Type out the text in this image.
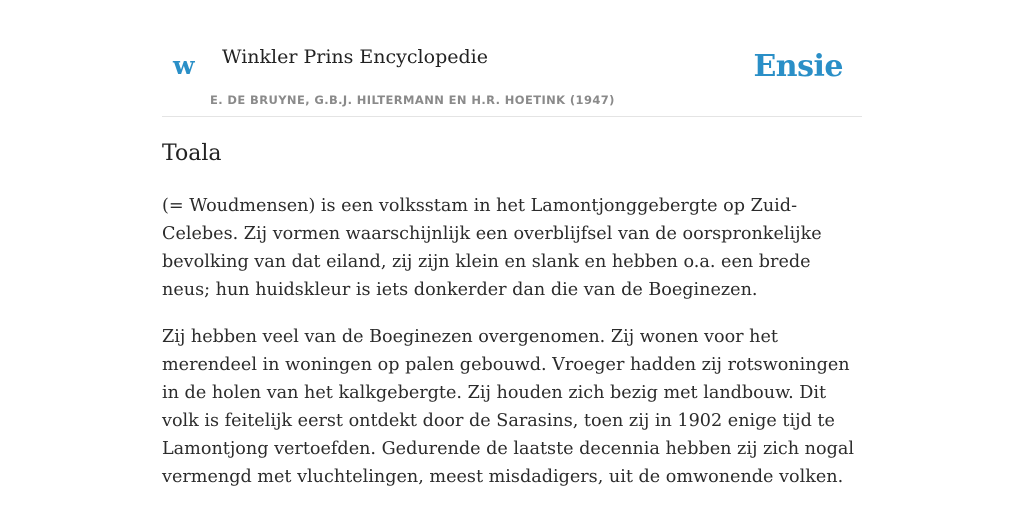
w Winkler Prins Encyclopedie
E. DE BRUYNE, G.B.J. HILTERMANN EN H.R. HOETINK (1947)
Ensie
Toala

(= Woudmensen) is een volksstam in het Lamontjonggebergte op Zuid-Celebes. Zij vormen waarschijnlijk een overblijfsel van de oorspronkelijke bevolking van dat eiland, zij zijn klein en slank en hebben o.a. een brede neus; hun huidskleur is iets donkerder dan die van de Boeginezen.

Zij hebben veel van de Boeginezen overgenomen. Zij wonen voor het merendeel in woningen op palen gebouwd. Vroeger hadden zij rotswoningen in de holen van het kalkgebergte. Zij houden zich bezig met landbouw. Dit volk is feitelijk eerst ontdekt door de Sarasins, toen zij in 1902 enige tijd te Lamontjong vertoefden. Gedurende de laatste decennia hebben zij zich nogal vermengd met vluchtelingen, meest misdadigers, uit de omwonende volken.
